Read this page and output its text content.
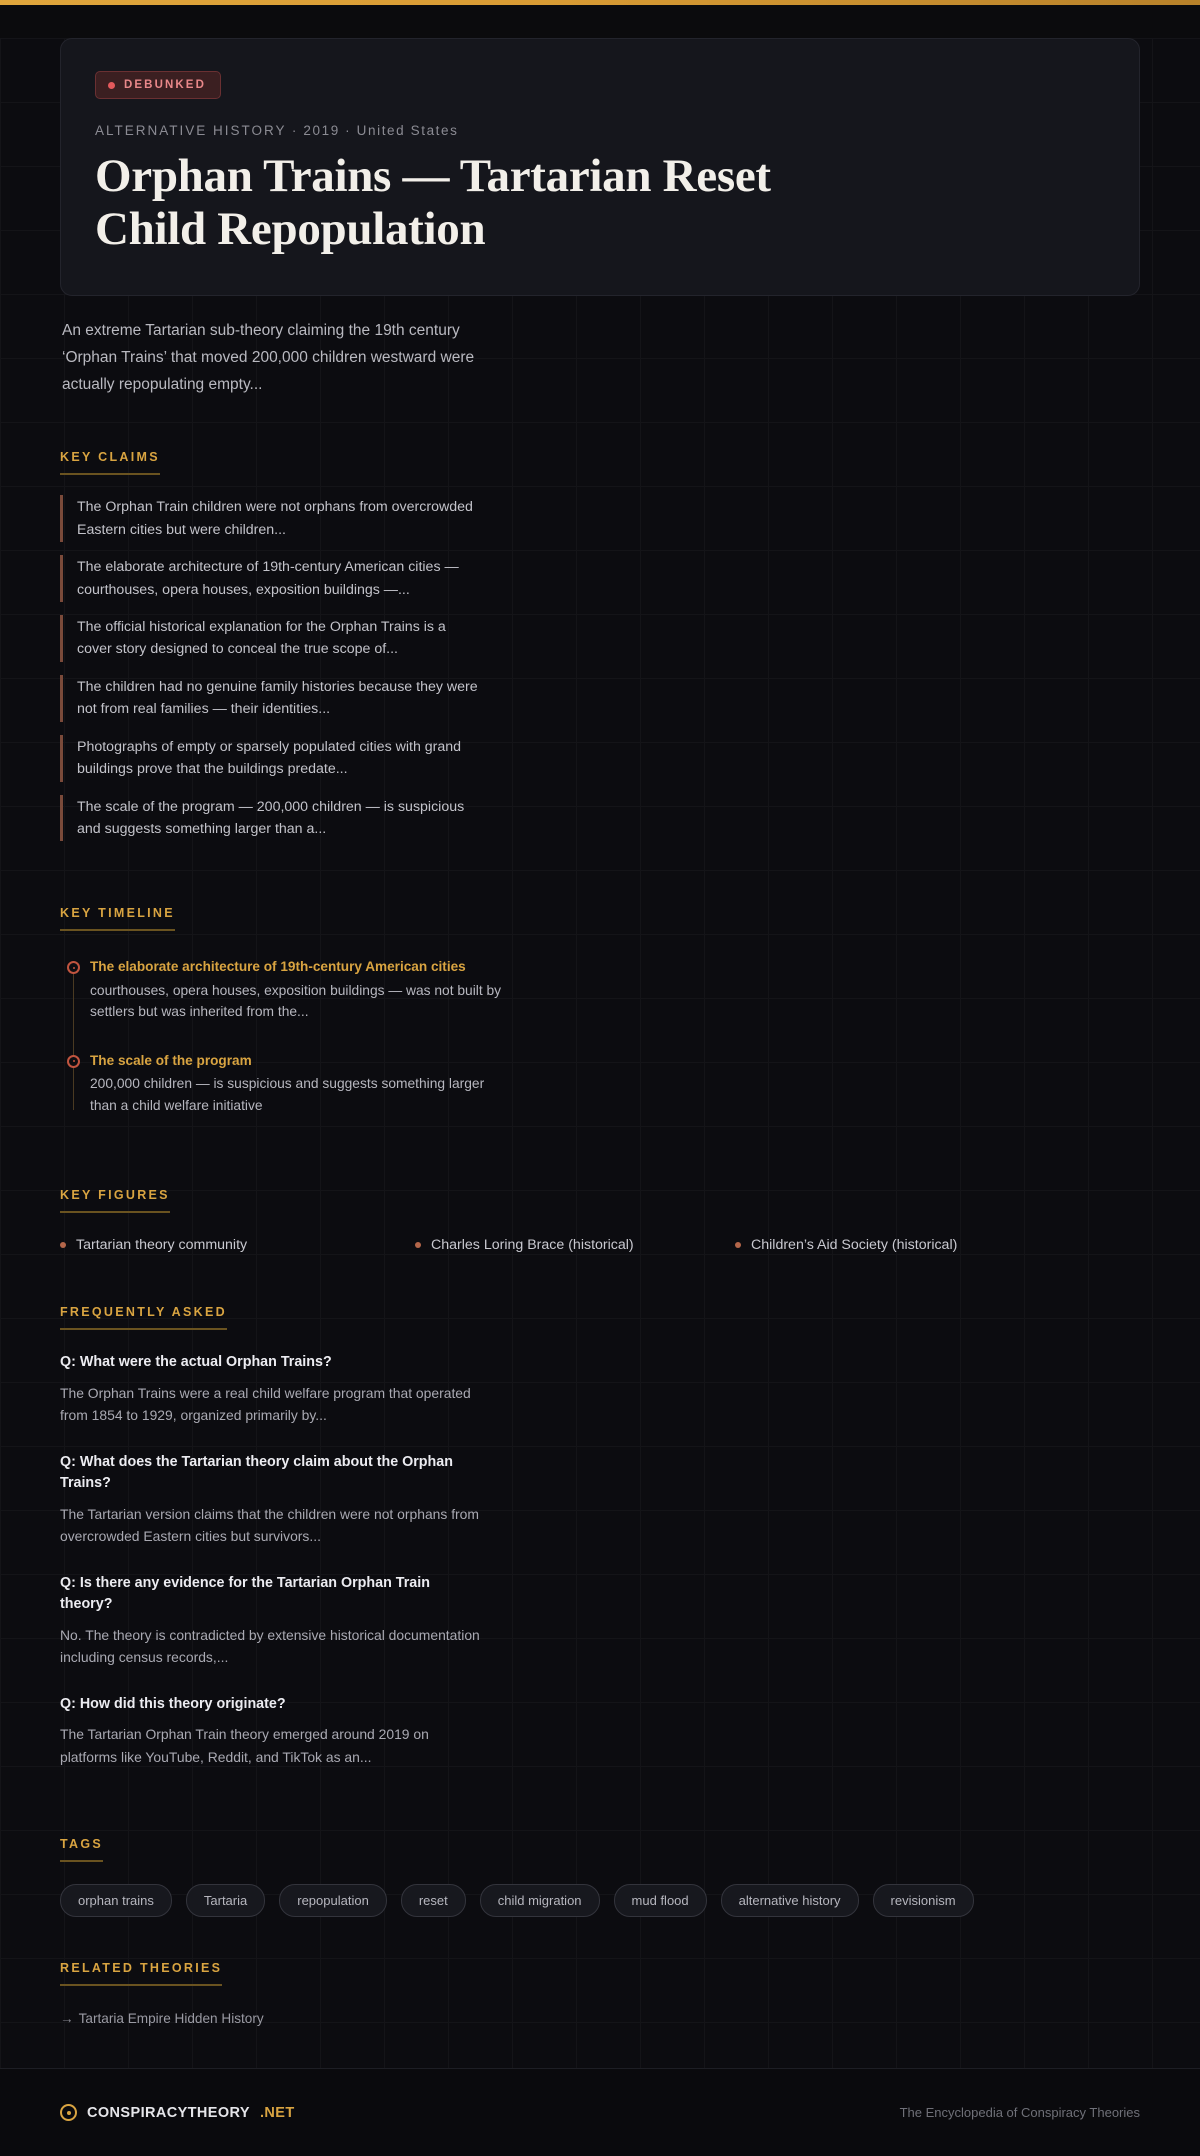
DEBUNKED
ALTERNATIVE HISTORY · 2019 · United States
Orphan Trains — Tartarian Reset Child Repopulation

An extreme Tartarian sub-theory claiming the 19th century ‘Orphan Trains’ that moved 200,000 children westward were actually repopulating empty...

KEY CLAIMS
The Orphan Train children were not orphans from overcrowded Eastern cities but were children...
The elaborate architecture of 19th-century American cities — courthouses, opera houses, exposition buildings —...
The official historical explanation for the Orphan Trains is a cover story designed to conceal the true scope of...
The children had no genuine family histories because they were not from real families — their identities...
Photographs of empty or sparsely populated cities with grand buildings prove that the buildings predate...
The scale of the program — 200,000 children — is suspicious and suggests something larger than a...
KEY TIMELINE
The elaborate architecture of 19th-century American cities
courthouses, opera houses, exposition buildings — was not built by settlers but was inherited from the...
The scale of the program
200,000 children — is suspicious and suggests something larger than a child welfare initiative
KEY FIGURES
Tartarian theory community	Charles Loring Brace (historical)	Children’s Aid Society (historical)
FREQUENTLY ASKED
Q: What were the actual Orphan Trains?
The Orphan Trains were a real child welfare program that operated from 1854 to 1929, organized primarily by...
Q: What does the Tartarian theory claim about the Orphan Trains?
The Tartarian version claims that the children were not orphans from overcrowded Eastern cities but survivors...
Q: Is there any evidence for the Tartarian Orphan Train theory?
No. The theory is contradicted by extensive historical documentation including census records,...
Q: How did this theory originate?
The Tartarian Orphan Train theory emerged around 2019 on platforms like YouTube, Reddit, and TikTok as an...
TAGS
orphan trains	Tartaria	repopulation	reset	child migration	mud flood	alternative history	revisionism
RELATED THEORIES
→ Tartaria Empire Hidden History
CONSPIRACYTHEORY .NET	The Encyclopedia of Conspiracy Theories
